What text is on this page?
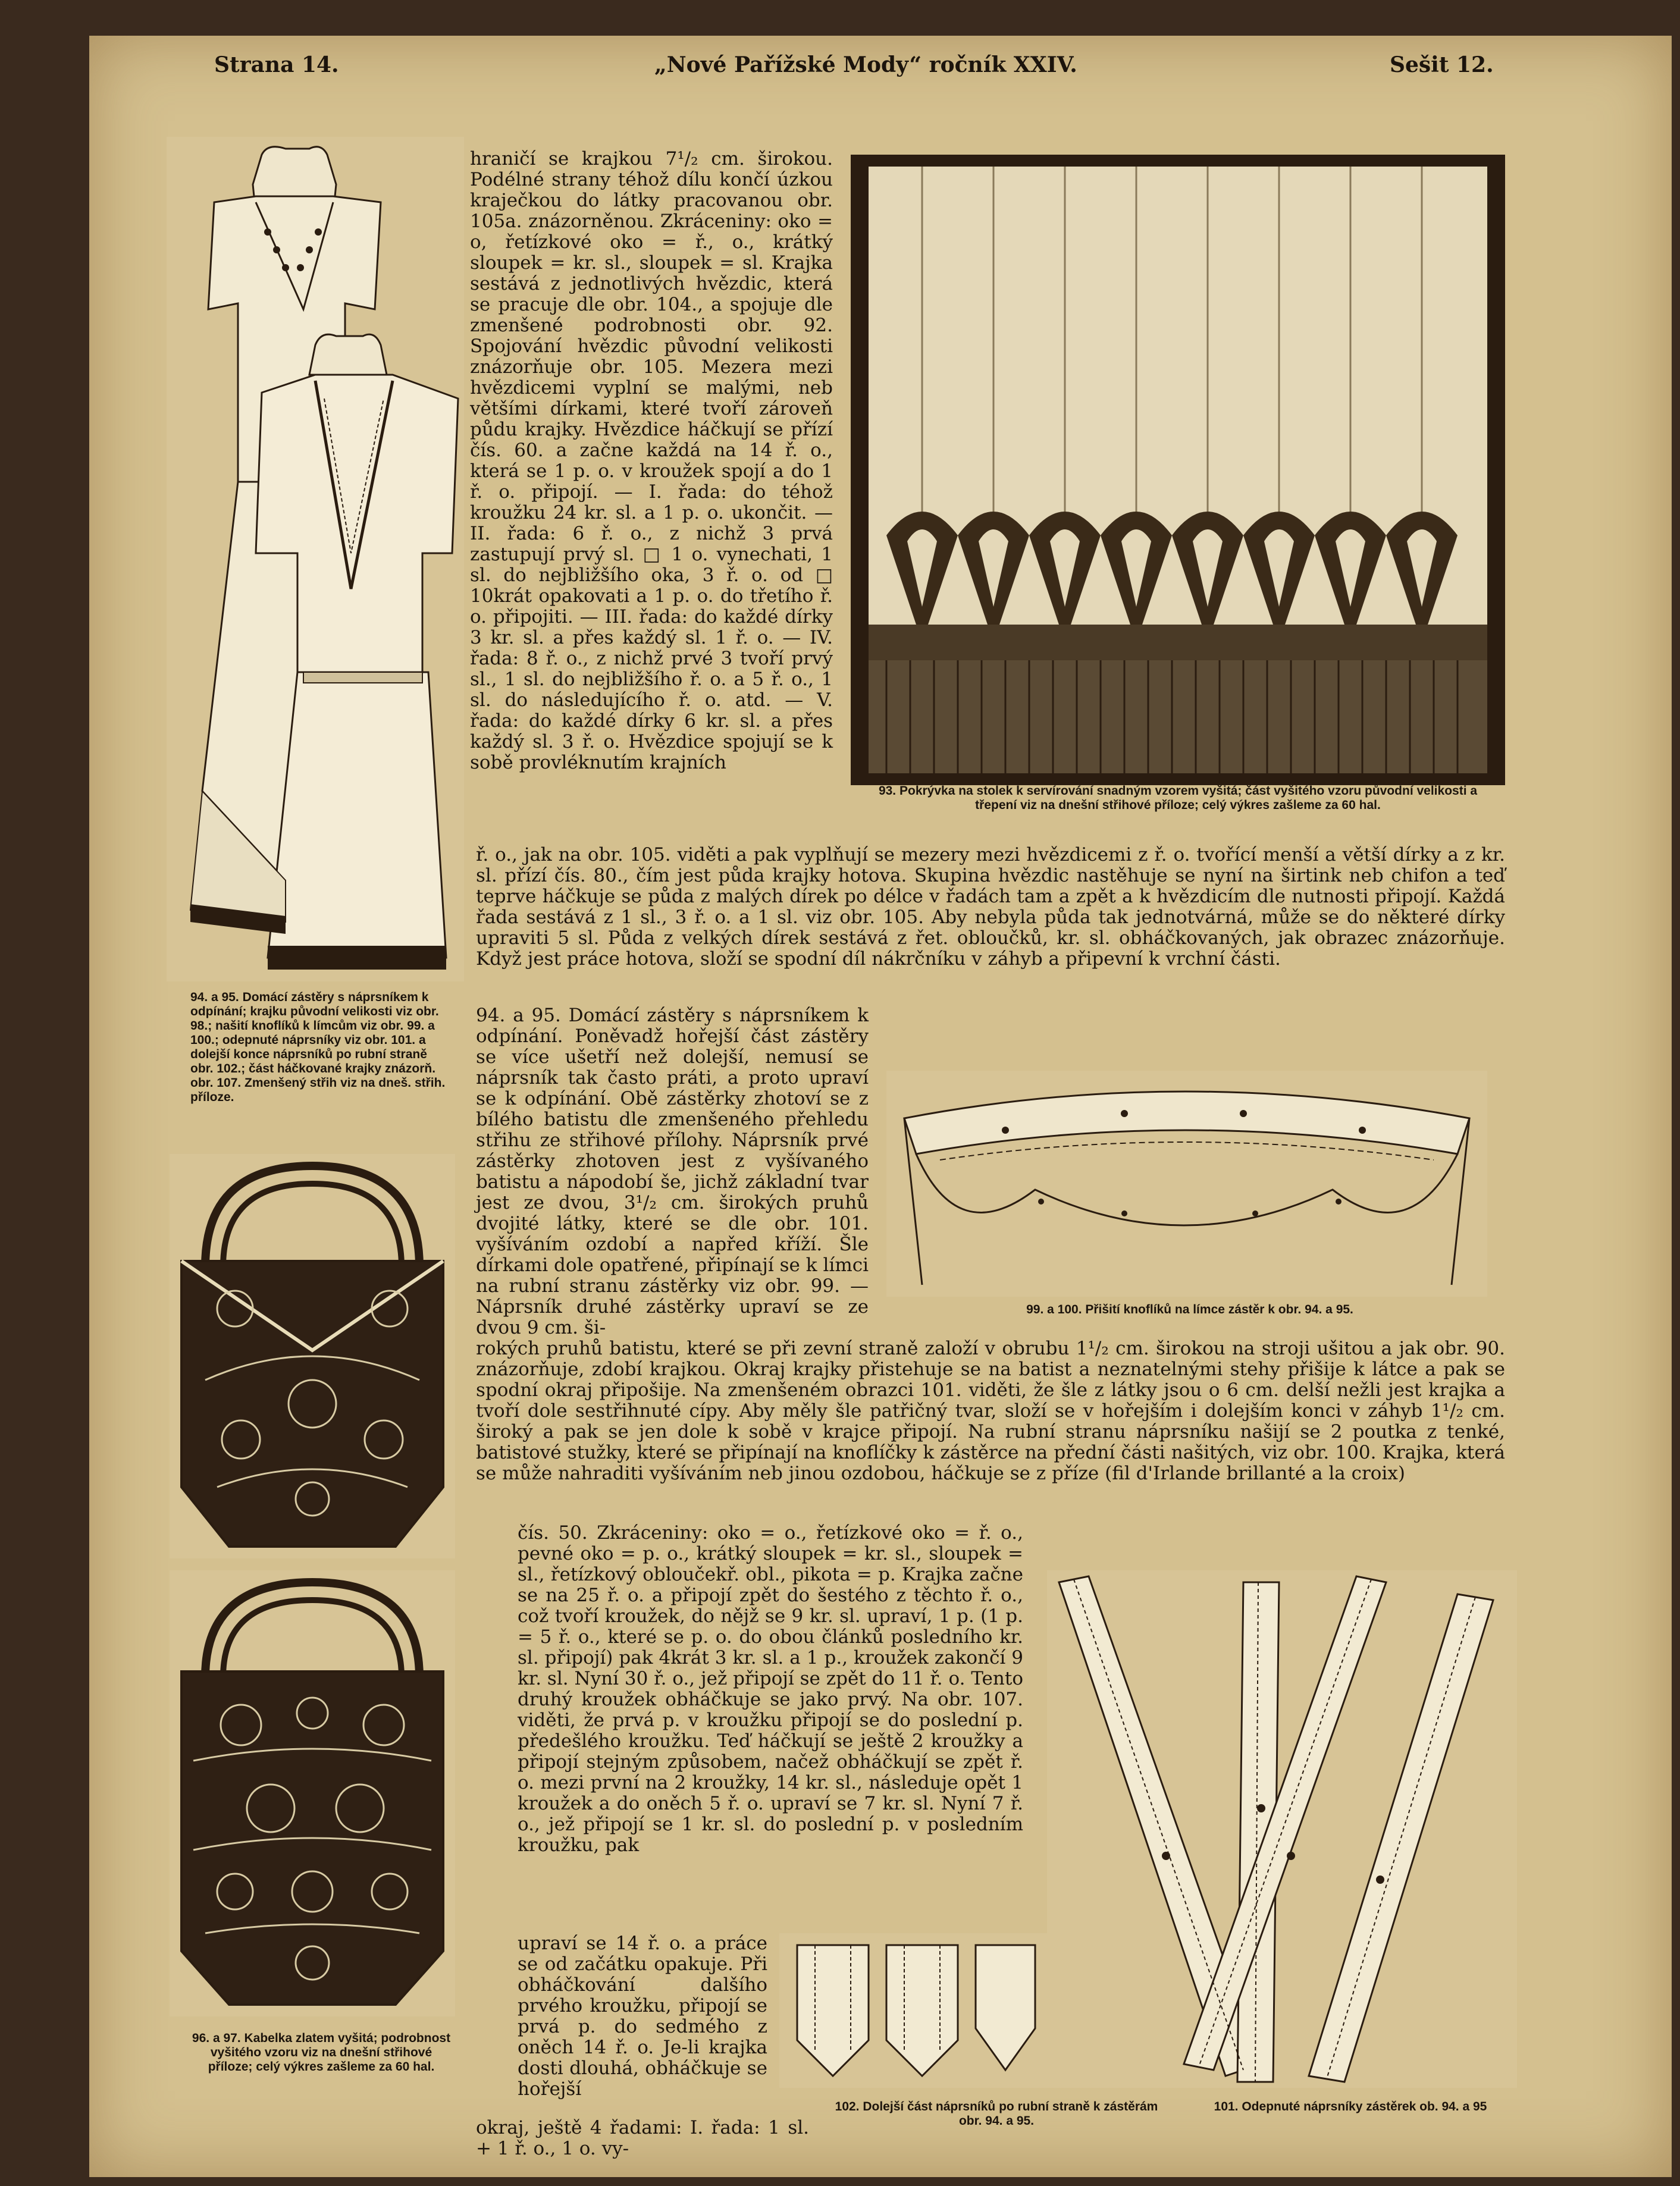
Strana 14.	„Nové Pařížské Mody“ ročník XXIV.	Sešit 12.
94. a 95. Domácí zástěry s náprsníkem k odpínání; krajku původní velikosti viz obr. 98.; našití knoflíků k límcům viz obr. 99. a 100.; odepnuté náprsníky viz obr. 101. a dolejší konce náprsníků po rubní straně obr. 102.; část háčkované krajky znázorň. obr. 107. Zmenšený střih viz na dneš. střih. příloze.

hraničí se krajkou 7¹/₂ cm. širokou. Podélné strany téhož dílu končí úzkou kraječkou do látky pracovanou obr. 105a. znázorněnou. Zkráceniny: oko = o, řetízkové oko = ř., o., krátký sloupek = kr. sl., sloupek = sl. Krajka sestává z jednotlivých hvězdic, která se pracuje dle obr. 104., a spojuje dle zmenšené podrobnosti obr. 92. Spojování hvězdic původní velikosti znázorňuje obr. 105. Mezera mezi hvězdicemi vyplní se malými, neb většími dírkami, které tvoří zároveň půdu krajky. Hvězdice háčkují se přízí čís. 60. a začne každá na 14 ř. o., která se 1 p. o. v kroužek spojí a do 1 ř. o. připojí. — I. řada: do téhož kroužku 24 kr. sl. a 1 p. o. ukončit. — II. řada: 6 ř. o., z nichž 3 prvá zastupují prvý sl. □ 1 o. vynechati, 1 sl. do nejbližšího oka, 3 ř. o. od □ 10krát opakovati a 1 p. o. do třetího ř. o. připojiti. — III. řada: do každé dírky 3 kr. sl. a přes každý sl. 1 ř. o. — IV. řada: 8 ř. o., z nichž prvé 3 tvoří prvý sl., 1 sl. do nejbližšího ř. o. a 5 ř. o., 1 sl. do následujícího ř. o. atd. — V. řada: do každé dírky 6 kr. sl. a přes každý sl. 3 ř. o. Hvězdice spojují se k sobě provléknutím krajních

93. Pokrývka na stolek k servírování snadným vzorem vyšitá; část vyšitého vzoru původní velikosti a třepení viz na dnešní střihové příloze; celý výkres zašleme za 60 hal.

ř. o., jak na obr. 105. viděti a pak vyplňují se mezery mezi hvězdicemi z ř. o. tvořící menší a větší dírky a z kr. sl. přízí čís. 80., čím jest půda krajky hotova. Skupina hvězdic nastěhuje se nyní na širtink neb chifon a teď teprve háčkuje se půda z malých dírek po délce v řadách tam a zpět a k hvězdicím dle nutnosti připojí. Každá řada sestává z 1 sl., 3 ř. o. a 1 sl. viz obr. 105. Aby nebyla půda tak jednotvárná, může se do některé dírky upraviti 5 sl. Půda z velkých dírek sestává z řet. obloučků, kr. sl. obháčkovaných, jak obrazec znázorňuje. Když jest práce hotova, složí se spodní díl nákrčníku v záhyb a připevní k vrchní části.

94. a 95. Domácí zástěry s náprsníkem k odpínání. Poněvadž hořejší část zástěry se více ušetří než dolejší, nemusí se náprsník tak často práti, a proto upraví se k odpínání. Obě zástěrky zhotoví se z bílého batistu dle zmenšeného přehledu střihu ze střihové přílohy. Náprsník prvé zástěrky zhotoven jest z vyšívaného batistu a nápodobí še, jichž základní tvar jest ze dvou, 3¹/₂ cm. širokých pruhů dvojité látky, které se dle obr. 101. vyšíváním ozdobí a napřed kříží. Šle dírkami dole opatřené, připínají se k límci na rubní stranu zástěrky viz obr. 99. — Náprsník druhé zástěrky upraví se ze dvou 9 cm. ši-

99. a 100. Přišití knoflíků na límce zástěr k obr. 94. a 95.
96. a 97. Kabelka zlatem vyšitá; podrobnost vyšitého vzoru viz na dnešní střihové příloze; celý výkres zašleme za 60 hal.

rokých pruhů batistu, které se při zevní straně založí v obrubu 1¹/₂ cm. širokou na stroji ušitou a jak obr. 90. znázorňuje, zdobí krajkou. Okraj krajky přistehuje se na batist a neznatelnými stehy přišije k látce a pak se spodní okraj připošije. Na zmenšeném obrazci 101. viděti, že šle z látky jsou o 6 cm. delší nežli jest krajka a tvoří dole sestřihnuté cípy. Aby měly šle patřičný tvar, složí se v hořejším i dolejším konci v záhyb 1¹/₂ cm. široký a pak se jen dole k sobě v krajce připojí. Na rubní stranu náprsníku našijí se 2 poutka z tenké, batistové stužky, které se připínají na knoflíčky k zástěrce na přední části našitých, viz obr. 100. Krajka, která se může nahraditi vyšíváním neb jinou ozdobou, háčkuje se z příze (fil d'Irlande brillanté a la croix)

čís. 50. Zkráceniny: oko = o., řetízkové oko = ř. o., pevné oko = p. o., krátký sloupek = kr. sl., sloupek = sl., řetízkový obloučekř. obl., pikota = p. Krajka začne se na 25 ř. o. a připojí zpět do šestého z těchto ř. o., což tvoří kroužek, do nějž se 9 kr. sl. upraví, 1 p. (1 p. = 5 ř. o., které se p. o. do obou článků posledního kr. sl. připojí) pak 4krát 3 kr. sl. a 1 p., kroužek zakončí 9 kr. sl. Nyní 30 ř. o., jež připojí se zpět do 11 ř. o. Tento druhý kroužek obháčkuje se jako prvý. Na obr. 107. viděti, že prvá p. v kroužku připojí se do poslední p. předešlého kroužku. Teď háčkují se ještě 2 kroužky a připojí stejným způsobem, načež obháčkují se zpět ř. o. mezi první na 2 kroužky, 14 kr. sl., následuje opět 1 kroužek a do oněch 5 ř. o. upraví se 7 kr. sl. Nyní 7 ř. o., jež připojí se 1 kr. sl. do poslední p. v posledním kroužku, pak

upraví se 14 ř. o. a práce se od začátku opakuje. Při obháčkování dalšího prvého kroužku, připojí se prvá p. do sedmého z oněch 14 ř. o. Je-li krajka dosti dlouhá, obháčkuje se hořejší

okraj, ještě 4 řadami: I. řada: 1 sl. + 1 ř. o., 1 o. vy-

101. Odepnuté náprsníky zástěrek ob. 94. a 95
102. Dolejší část náprsníků po rubní straně k zástěrám obr. 94. a 95.
